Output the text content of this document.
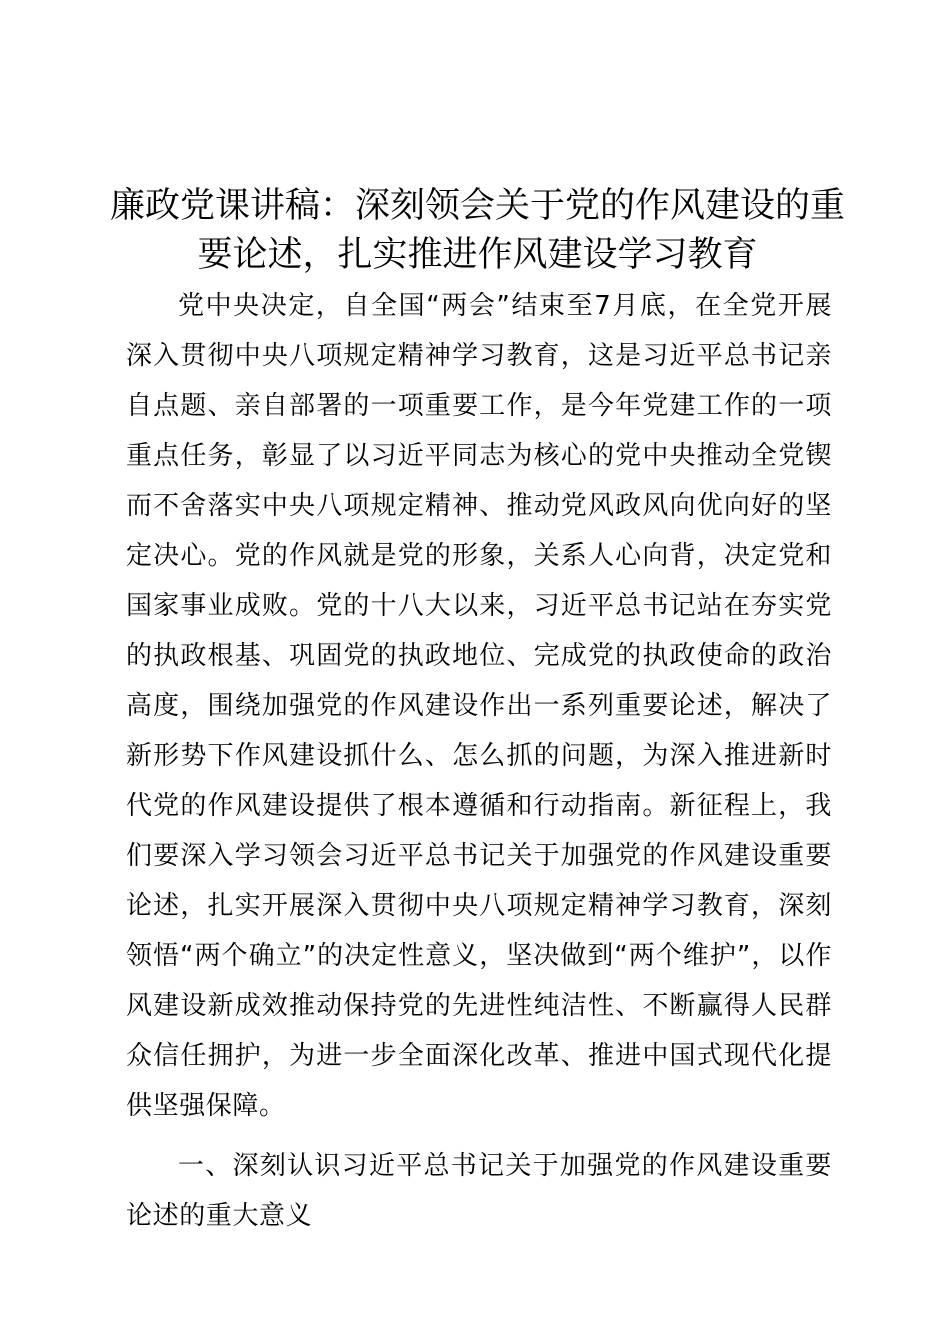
廉政党课讲稿：深刻领会关于党的作风建设的重要论述，扎实推进作风建设学习教育

党中央决定，自全国“两会”结束至7月底，在全党开展深入贯彻中央八项规定精神学习教育，这是习近平总书记亲自点题、亲自部署的一项重要工作，是今年党建工作的一项重点任务，彰显了以习近平同志为核心的党中央推动全党锲而不舍落实中央八项规定精神、推动党风政风向优向好的坚定决心。党的作风就是党的形象，关系人心向背，决定党和国家事业成败。党的十八大以来，习近平总书记站在夯实党的执政根基、巩固党的执政地位、完成党的执政使命的政治高度，围绕加强党的作风建设作出一系列重要论述，解决了新形势下作风建设抓什么、怎么抓的问题，为深入推进新时代党的作风建设提供了根本遵循和行动指南。新征程上，我们要深入学习领会习近平总书记关于加强党的作风建设重要论述，扎实开展深入贯彻中央八项规定精神学习教育，深刻领悟“两个确立”的决定性意义，坚决做到“两个维护”，以作风建设新成效推动保持党的先进性纯洁性、不断赢得人民群众信任拥护，为进一步全面深化改革、推进中国式现代化提供坚强保障。

一、深刻认识习近平总书记关于加强党的作风建设重要论述的重大意义
